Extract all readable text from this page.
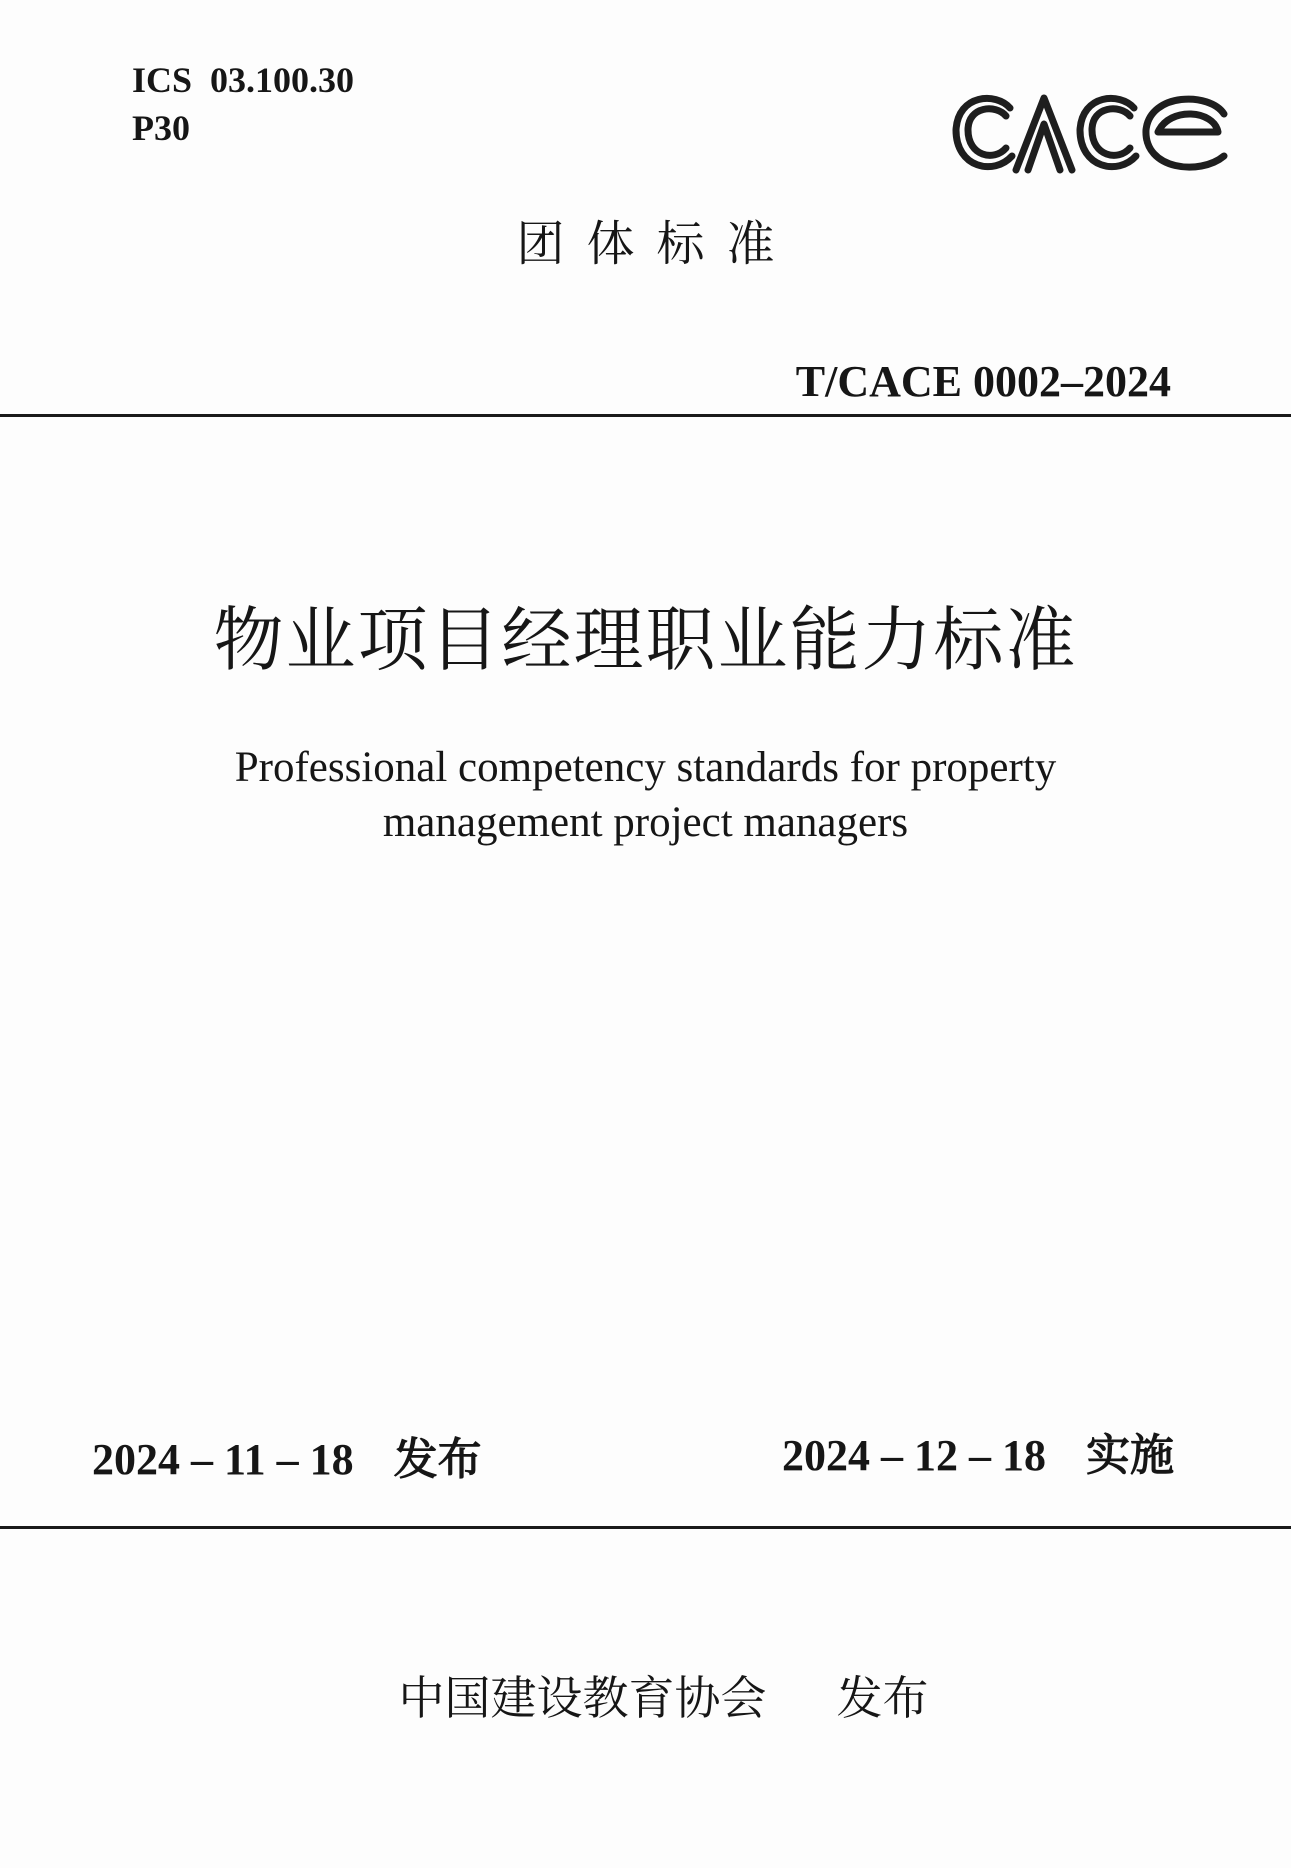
ICS 03.100.30
P30
团体标准
T/CACE 0002–2024
物业项目经理职业能力标准
Professional competency standards for property
management project managers
2024 – 11 – 18 发布	2024 – 12 – 18 实施
中国建设教育协会 发布
